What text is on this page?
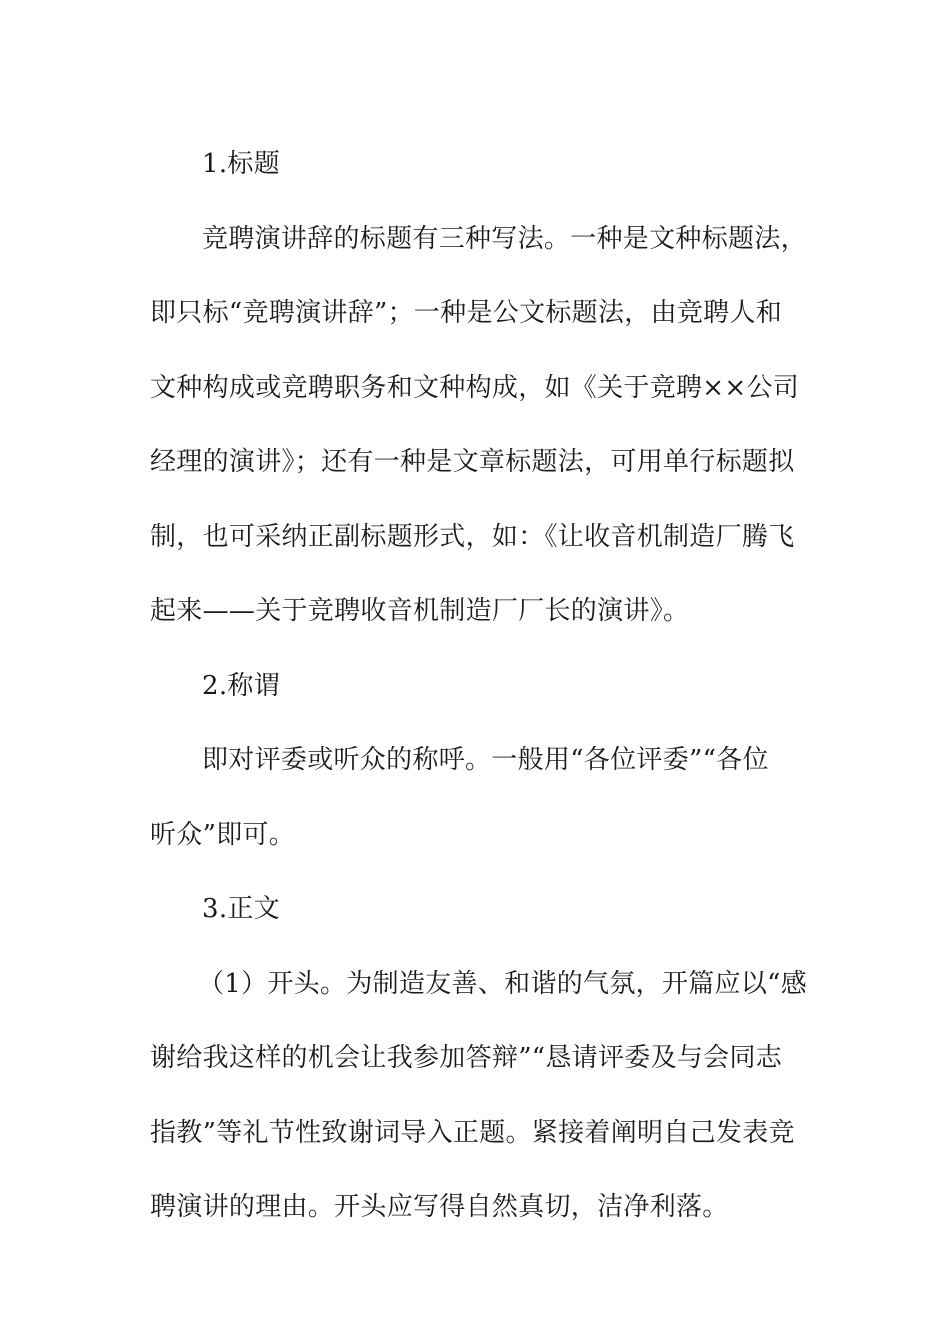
1.标题
竞聘演讲辞的标题有三种写法。一种是文种标题法，
即只标“竞聘演讲辞”；一种是公文标题法，由竞聘人和
文种构成或竞聘职务和文种构成，如《关于竞聘××公司
经理的演讲》；还有一种是文章标题法，可用单行标题拟
制，也可采纳正副标题形式，如：《让收音机制造厂腾飞
起来——关于竞聘收音机制造厂厂长的演讲》。
2.称谓
即对评委或听众的称呼。一般用“各位评委”“各位
听众”即可。
3.正文
（1）开头。为制造友善、和谐的气氛，开篇应以“感
谢给我这样的机会让我参加答辩”“恳请评委及与会同志
指教”等礼节性致谢词导入正题。紧接着阐明自己发表竞
聘演讲的理由。开头应写得自然真切，洁净利落。
